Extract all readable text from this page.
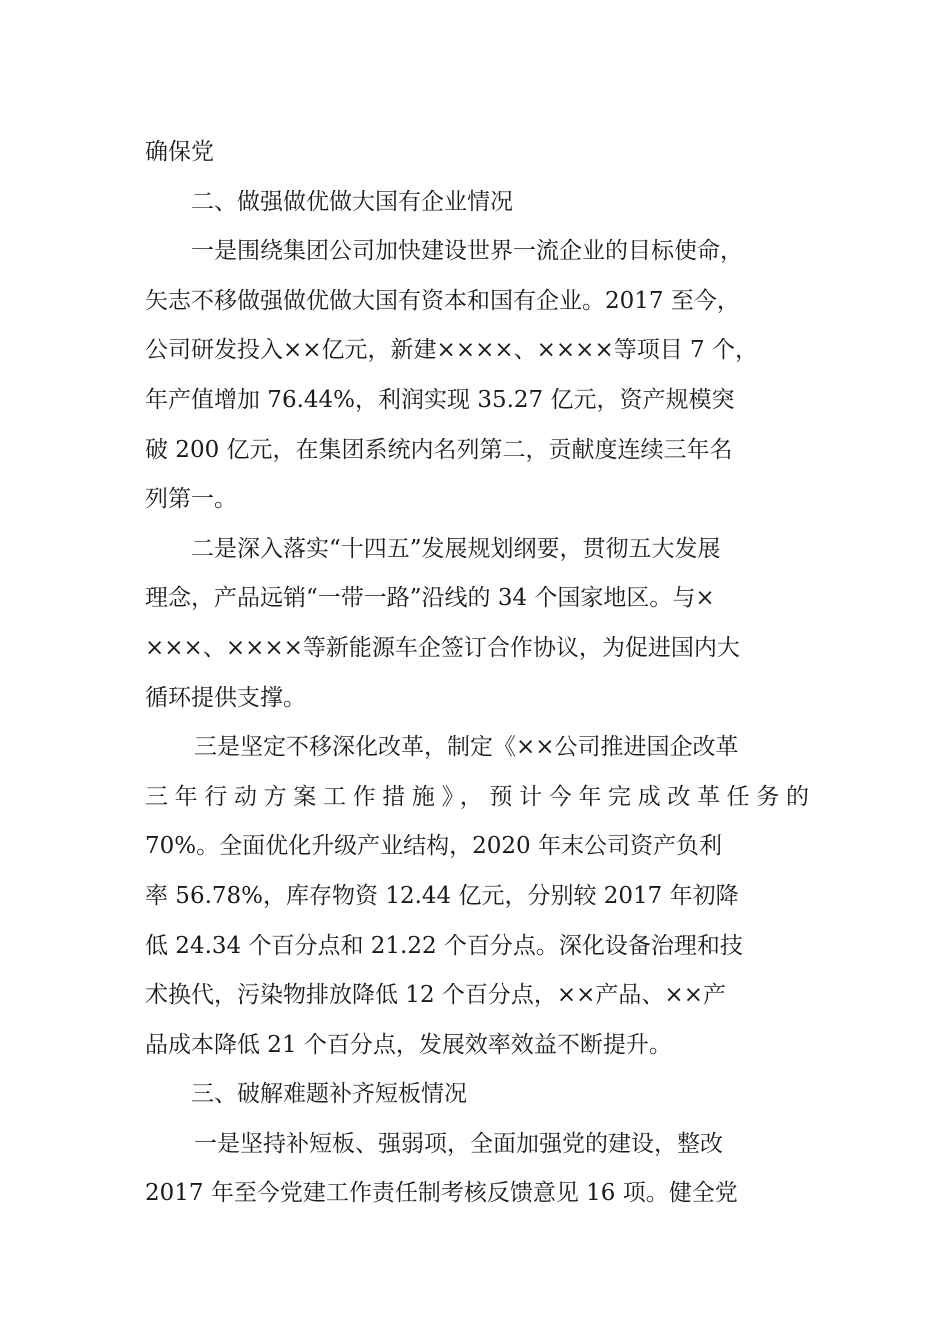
确保党
二、做强做优做大国有企业情况
一是围绕集团公司加快建设世界一流企业的目标使命，
矢志不移做强做优做大国有资本和国有企业。2017 至今，
公司研发投入××亿元，新建××××、××××等项目 7 个，
年产值增加 76.44%，利润实现 35.27 亿元，资产规模突
破 200 亿元，在集团系统内名列第二，贡献度连续三年名
列第一。
二是深入落实“十四五”发展规划纲要，贯彻五大发展
理念，产品远销“一带一路”沿线的 34 个国家地区。与×
×××、××××等新能源车企签订合作协议，为促进国内大
循环提供支撑。
三是坚定不移深化改革，制定《××公司推进国企改革
三年行动方案工作措施》，预计今年完成改革任务的
70%。全面优化升级产业结构，2020 年末公司资产负利
率 56.78%，库存物资 12.44 亿元，分别较 2017 年初降
低 24.34 个百分点和 21.22 个百分点。深化设备治理和技
术换代，污染物排放降低 12 个百分点，××产品、××产
品成本降低 21 个百分点，发展效率效益不断提升。
三、破解难题补齐短板情况
一是坚持补短板、强弱项，全面加强党的建设，整改
2017 年至今党建工作责任制考核反馈意见 16 项。健全党
